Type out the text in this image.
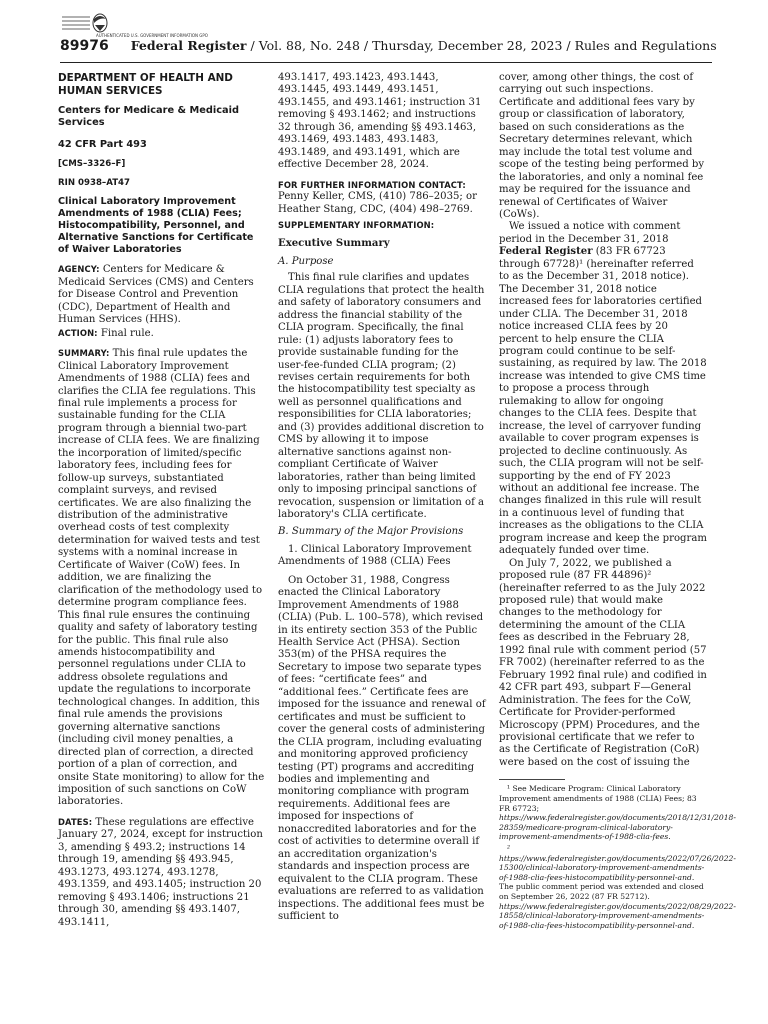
AUTHENTICATED U.S. GOVERNMENT INFORMATION GPO
89976 Federal Register / Vol. 88, No. 248 / Thursday, December 28, 2023 / Rules and Regulations

DEPARTMENT OF HEALTH AND HUMAN SERVICES

Centers for Medicare & Medicaid Services

42 CFR Part 493

[CMS–3326–F]

RIN 0938–AT47

Clinical Laboratory Improvement Amendments of 1988 (CLIA) Fees; Histocompatibility, Personnel, and Alternative Sanctions for Certificate of Waiver Laboratories

AGENCY: Centers for Medicare & Medicaid Services (CMS) and Centers for Disease Control and Prevention (CDC), Department of Health and Human Services (HHS).

ACTION: Final rule.

SUMMARY: This final rule updates the Clinical Laboratory Improvement Amendments of 1988 (CLIA) fees and clarifies the CLIA fee regulations. This final rule implements a process for sustainable funding for the CLIA program through a biennial two-part increase of CLIA fees. We are finalizing the incorporation of limited/specific laboratory fees, including fees for follow-up surveys, substantiated complaint surveys, and revised certificates. We are also finalizing the distribution of the administrative overhead costs of test complexity determination for waived tests and test systems with a nominal increase in Certificate of Waiver (CoW) fees. In addition, we are finalizing the clarification of the methodology used to determine program compliance fees. This final rule ensures the continuing quality and safety of laboratory testing for the public. This final rule also amends histocompatibility and personnel regulations under CLIA to address obsolete regulations and update the regulations to incorporate technological changes. In addition, this final rule amends the provisions governing alternative sanctions (including civil money penalties, a directed plan of correction, a directed portion of a plan of correction, and onsite State monitoring) to allow for the imposition of such sanctions on CoW laboratories.

DATES: These regulations are effective January 27, 2024, except for instruction 3, amending § 493.2; instructions 14 through 19, amending §§ 493.945, 493.1273, 493.1274, 493.1278, 493.1359, and 493.1405; instruction 20 removing § 493.1406; instructions 21 through 30, amending §§ 493.1407, 493.1411,

493.1417, 493.1423, 493.1443, 493.1445, 493.1449, 493.1451, 493.1455, and 493.1461; instruction 31 removing § 493.1462; and instructions 32 through 36, amending §§ 493.1463, 493.1469, 493.1483, 493.1483, 493.1489, and 493.1491, which are effective December 28, 2024.

FOR FURTHER INFORMATION CONTACT:

Penny Keller, CMS, (410) 786–2035; or Heather Stang, CDC, (404) 498–2769.

SUPPLEMENTARY INFORMATION:

Executive Summary

A. Purpose

This final rule clarifies and updates CLIA regulations that protect the health and safety of laboratory consumers and address the financial stability of the CLIA program. Specifically, the final rule: (1) adjusts laboratory fees to provide sustainable funding for the user-fee-funded CLIA program; (2) revises certain requirements for both the histocompatibility test specialty as well as personnel qualifications and responsibilities for CLIA laboratories; and (3) provides additional discretion to CMS by allowing it to impose alternative sanctions against non-compliant Certificate of Waiver laboratories, rather than being limited only to imposing principal sanctions of revocation, suspension or limitation of a laboratory's CLIA certificate.

B. Summary of the Major Provisions

1. Clinical Laboratory Improvement Amendments of 1988 (CLIA) Fees

On October 31, 1988, Congress enacted the Clinical Laboratory Improvement Amendments of 1988 (CLIA) (Pub. L. 100–578), which revised in its entirety section 353 of the Public Health Service Act (PHSA). Section 353(m) of the PHSA requires the Secretary to impose two separate types of fees: “certificate fees” and “additional fees.” Certificate fees are imposed for the issuance and renewal of certificates and must be sufficient to cover the general costs of administering the CLIA program, including evaluating and monitoring approved proficiency testing (PT) programs and accrediting bodies and implementing and monitoring compliance with program requirements. Additional fees are imposed for inspections of nonaccredited laboratories and for the cost of activities to determine overall if an accreditation organization's standards and inspection process are equivalent to the CLIA program. These evaluations are referred to as validation inspections. The additional fees must be sufficient to

cover, among other things, the cost of carrying out such inspections. Certificate and additional fees vary by group or classification of laboratory, based on such considerations as the Secretary determines relevant, which may include the total test volume and scope of the testing being performed by the laboratories, and only a nominal fee may be required for the issuance and renewal of Certificates of Waiver (CoWs).

We issued a notice with comment period in the December 31, 2018 Federal Register (83 FR 67723 through 67728)¹ (hereinafter referred to as the December 31, 2018 notice). The December 31, 2018 notice increased fees for laboratories certified under CLIA. The December 31, 2018 notice increased CLIA fees by 20 percent to help ensure the CLIA program could continue to be self-sustaining, as required by law. The 2018 increase was intended to give CMS time to propose a process through rulemaking to allow for ongoing changes to the CLIA fees. Despite that increase, the level of carryover funding available to cover program expenses is projected to decline continuously. As such, the CLIA program will not be self-supporting by the end of FY 2023 without an additional fee increase. The changes finalized in this rule will result in a continuous level of funding that increases as the obligations to the CLIA program increase and keep the program adequately funded over time.

On July 7, 2022, we published a proposed rule (87 FR 44896)² (hereinafter referred to as the July 2022 proposed rule) that would make changes to the methodology for determining the amount of the CLIA fees as described in the February 28, 1992 final rule with comment period (57 FR 7002) (hereinafter referred to as the February 1992 final rule) and codified in 42 CFR part 493, subpart F—General Administration. The fees for the CoW, Certificate for Provider-performed Microscopy (PPM) Procedures, and the provisional certificate that we refer to as the Certificate of Registration (CoR) were based on the cost of issuing the

¹ See Medicare Program: Clinical Laboratory Improvement amendments of 1988 (CLIA) Fees; 83 FR 67723; https://www.federalregister.gov/documents/2018/12/31/2018-28359/medicare-program-clinical-laboratory-improvement-amendments-of-1988-clia-fees.

² https://www.federalregister.gov/documents/2022/07/26/2022-15300/clinical-laboratory-improvement-amendments-of-1988-clia-fees-histocompatibility-personnel-and. The public comment period was extended and closed on September 26, 2022 (87 FR 52712). https://www.federalregister.gov/documents/2022/08/29/2022-18558/clinical-laboratory-improvement-amendments-of-1988-clia-fees-histocompatibility-personnel-and.
